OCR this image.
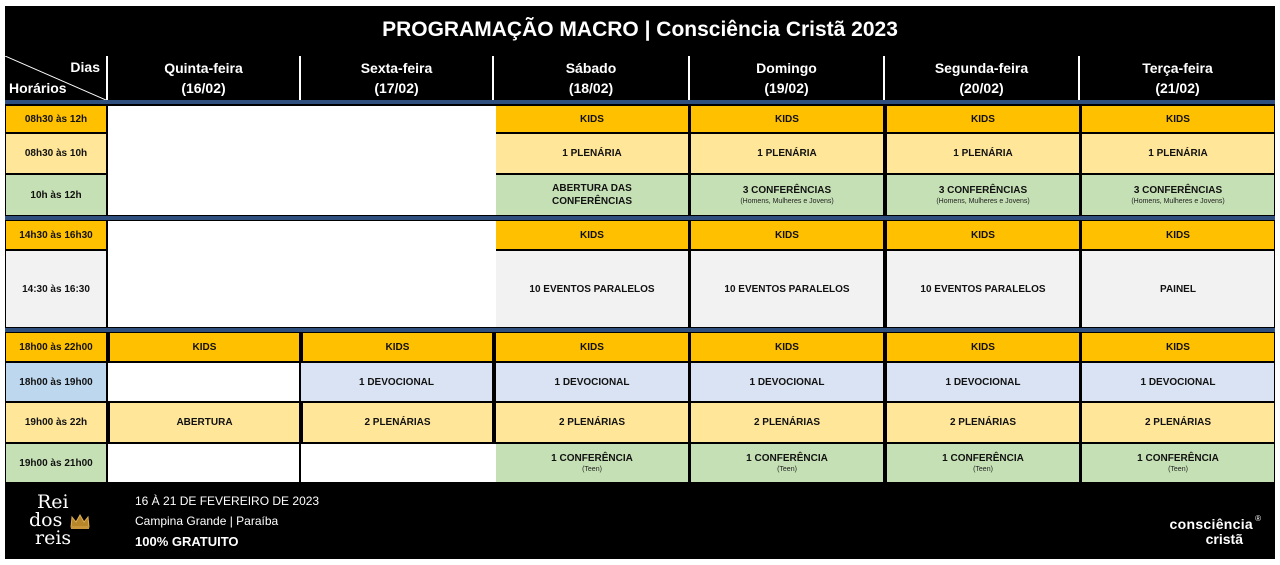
PROGRAMAÇÃO MACRO | Consciência Cristã 2023
Dias
Horários
Quinta-feira
(16/02)
Sexta-feira
(17/02)
Sábado
(18/02)
Domingo
(19/02)
Segunda-feira
(20/02)
Terça-feira
(21/02)
08h30 às 12h
08h30 às 10h
10h às 12h
KIDS
1 PLENÁRIA
ABERTURA DAS CONFERÊNCIAS
KIDS
1 PLENÁRIA
3 CONFERÊNCIAS
(Homens, Mulheres e Jovens)
KIDS
1 PLENÁRIA
3 CONFERÊNCIAS
(Homens, Mulheres e Jovens)
KIDS
1 PLENÁRIA
3 CONFERÊNCIAS
(Homens, Mulheres e Jovens)
14h30 às 16h30
14:30 às 16:30
KIDS
10 EVENTOS PARALELOS
KIDS
10 EVENTOS PARALELOS
KIDS
10 EVENTOS PARALELOS
KIDS
PAINEL
18h00 às 22h00
18h00 às 19h00
19h00 às 22h
19h00 às 21h00
KIDS
ABERTURA
KIDS
1 DEVOCIONAL
2 PLENÁRIAS
KIDS
1 DEVOCIONAL
2 PLENÁRIAS
1 CONFERÊNCIA
(Teen)
KIDS
1 DEVOCIONAL
2 PLENÁRIAS
1 CONFERÊNCIA
(Teen)
KIDS
1 DEVOCIONAL
2 PLENÁRIAS
1 CONFERÊNCIA
(Teen)
KIDS
1 DEVOCIONAL
2 PLENÁRIAS
1 CONFERÊNCIA
(Teen)
Rei
dos
reis
16 À 21 DE FEVEREIRO DE 2023
Campina Grande | Paraíba
100% GRATUITO
consciência
cristã
®
